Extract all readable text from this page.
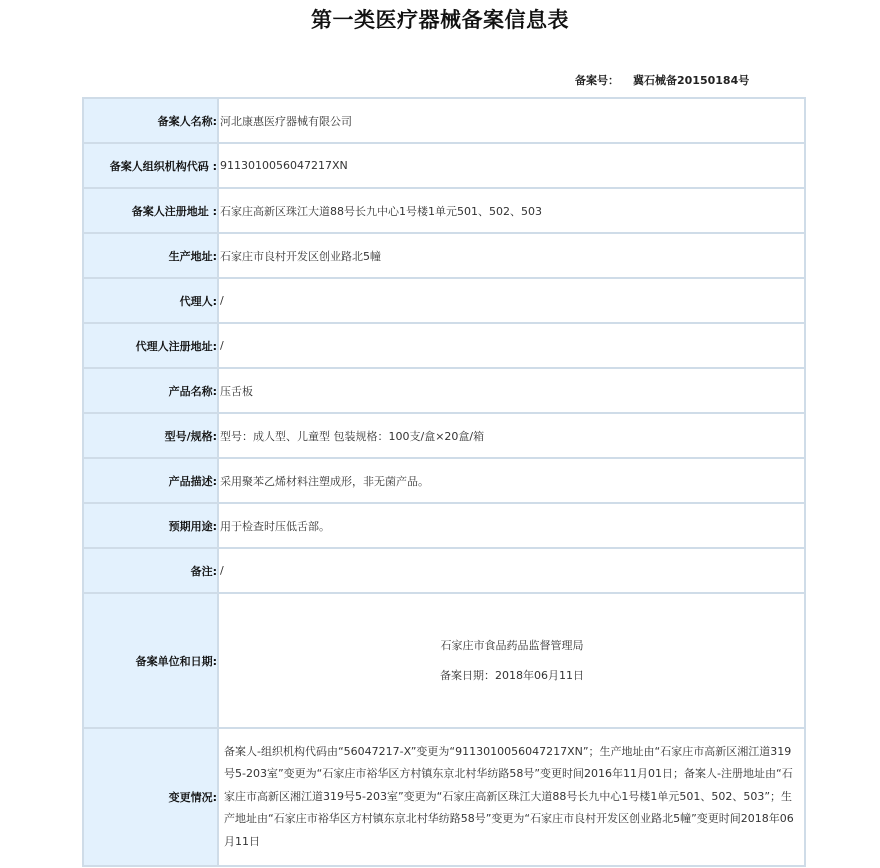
第一类医疗器械备案信息表
备案号： 冀石械备20150184号
备案人名称:	河北康惠医疗器械有限公司
备案人组织机构代码 :	91130100560472​17XN
备案人注册地址 :	石家庄高新区珠江大道88号长九中心1号楼1单元501、502、503
生产地址:	石家庄市良村开发区创业路北5幢
代理人:	/
代理人注册地址:	/
产品名称:	压舌板
型号/规格:	型号：成人型、儿童型 包装规格：100支/盒×20盒/箱
产品描述:	采用聚苯乙烯材料注塑成形，非无菌产品。
预期用途:	用于检查时压低舌部。
备注:	/
备案单位和日期:	石家庄市食品药品监督管理局
备案日期：2018年06月11日

变更情况:	备案人-组织机构代码由“56047217-X”变更为“91130100560472​17XN”；生产地址由“石家庄市高新区湘江道319号5-203室”变更为“石家庄市裕华区方村镇东京北村华纺路58号”变更时间2016年11月01日；备案人-注册地址由“石家庄市高新区湘江道319号5-203室”变更为“石家庄高新区珠江大道88号长九中心1号楼1单元501、502、503”；生产地址由“石家庄市裕华区方村镇东京北村华纺路58号”变更为“石家庄市良村开发区创业路北5幢”变更时间2018年06月11日
